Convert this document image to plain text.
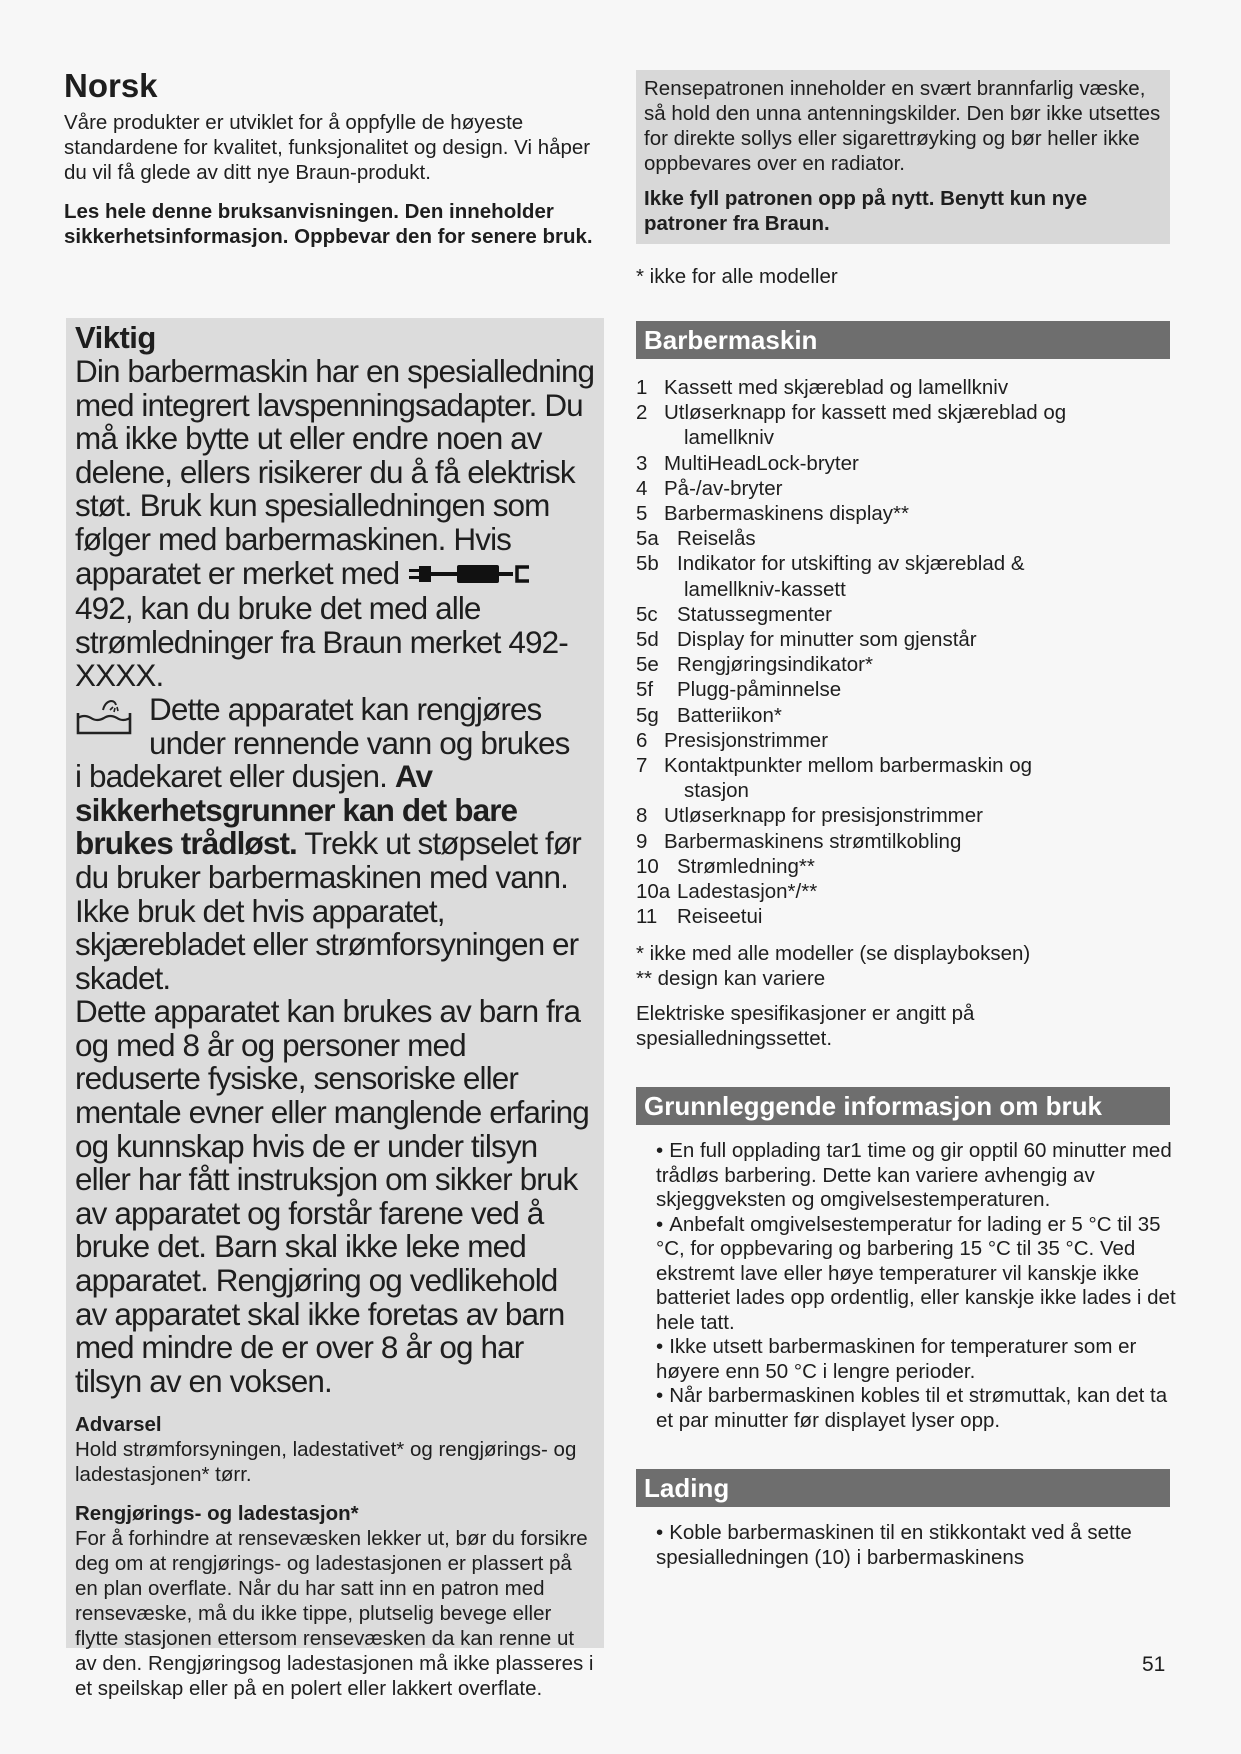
Norsk

Våre produkter er utviklet for å oppfylle de høyeste standardene for kvalitet, funksjonalitet og design. Vi håper du vil få glede av ditt nye Braun-produkt.

Les hele denne bruksanvisningen. Den inneholder sikkerhetsinformasjon. Oppbevar den for senere bruk.

Viktig

Din barbermaskin har en spesialledning med integrert lavspenningsadapter. Du må ikke bytte ut eller endre noen av delene, ellers risikerer du å få elektrisk støt. Bruk kun spesialledningen som følger med barbermaskinen. Hvis apparatet er merket med  492, kan du bruke det med alle strømledninger fra Braun merket 492-XXXX.

Dette apparatet kan rengjøres under rennende vann og brukes

i badekaret eller dusjen. Av sikkerhetsgrunner kan det bare brukes trådløst. Trekk ut støpselet før du bruker barbermaskinen med vann.

Ikke bruk det hvis apparatet, skjærebladet eller strømforsyningen er skadet.

Dette apparatet kan brukes av barn fra og med 8 år og personer med reduserte fysiske, sensoriske eller mentale evner eller manglende erfaring og kunnskap hvis de er under tilsyn eller har fått instruksjon om sikker bruk av apparatet og forstår farene ved å bruke det. Barn skal ikke leke med apparatet. Rengjøring og vedlikehold av apparatet skal ikke foretas av barn med mindre de er over 8 år og har tilsyn av en voksen.

Advarsel

Hold strømforsyningen, ladestativet* og rengjørings- og ladestasjonen* tørr.

Rengjørings- og ladestasjon*

For å forhindre at rensevæsken lekker ut, bør du forsikre deg om at rengjørings- og ladestasjonen er plassert på en plan overflate. Når du har satt inn en patron med rensevæske, må du ikke tippe, plutselig bevege eller flytte stasjonen ettersom rensevæsken da kan renne ut av den. Rengjøringsog ladestasjonen må ikke plasseres i et speilskap eller på en polert eller lakkert overflate.

Rensepatronen inneholder en svært brannfarlig væske, så hold den unna antenningskilder. Den bør ikke utsettes for direkte sollys eller sigarettrøyking og bør heller ikke oppbevares over en radiator.

Ikke fyll patronen opp på nytt. Benytt kun nye patroner fra Braun.

* ikke for alle modeller

Barbermaskin
1 Kassett med skjæreblad og lamellkniv
2 Utløserknapp for kassett med skjæreblad og
lamellkniv
3 MultiHeadLock-bryter
4 På-/av-bryter
5 Barbermaskinens display**
5a Reiselås
5b Indikator for utskifting av skjæreblad &
lamellkniv-kassett
5c Statussegmenter
5d Display for minutter som gjenstår
5e Rengjøringsindikator*
5f Plugg-påminnelse
5g Batteriikon*
6 Presisjonstrimmer
7 Kontaktpunkter mellom barbermaskin og
stasjon
8 Utløserknapp for presisjonstrimmer
9 Barbermaskinens strømtilkobling
10 Strømledning**
10a Ladestasjon*/**
11 Reiseetui

* ikke med alle modeller (se displayboksen)

** design kan variere

Elektriske spesifikasjoner er angitt på spesialledningssettet.

Grunnleggende informasjon om bruk
• En full opplading tar1 time og gir opptil 60 minutter med trådløs barbering. Dette kan variere avhengig av skjeggveksten og omgivelsestemperaturen.
• Anbefalt omgivelsestemperatur for lading er 5 °C til 35 °C, for oppbevaring og barbering 15 °C til 35 °C. Ved ekstremt lave eller høye temperaturer vil kanskje ikke batteriet lades opp ordentlig, eller kanskje ikke lades i det hele tatt.
• Ikke utsett barbermaskinen for temperaturer som er høyere enn 50 °C i lengre perioder.
• Når barbermaskinen kobles til et strømuttak, kan det ta et par minutter før displayet lyser opp.
Lading
• Koble barbermaskinen til en stikkontakt ved å sette spesialledningen (10) i barbermaskinens
51
